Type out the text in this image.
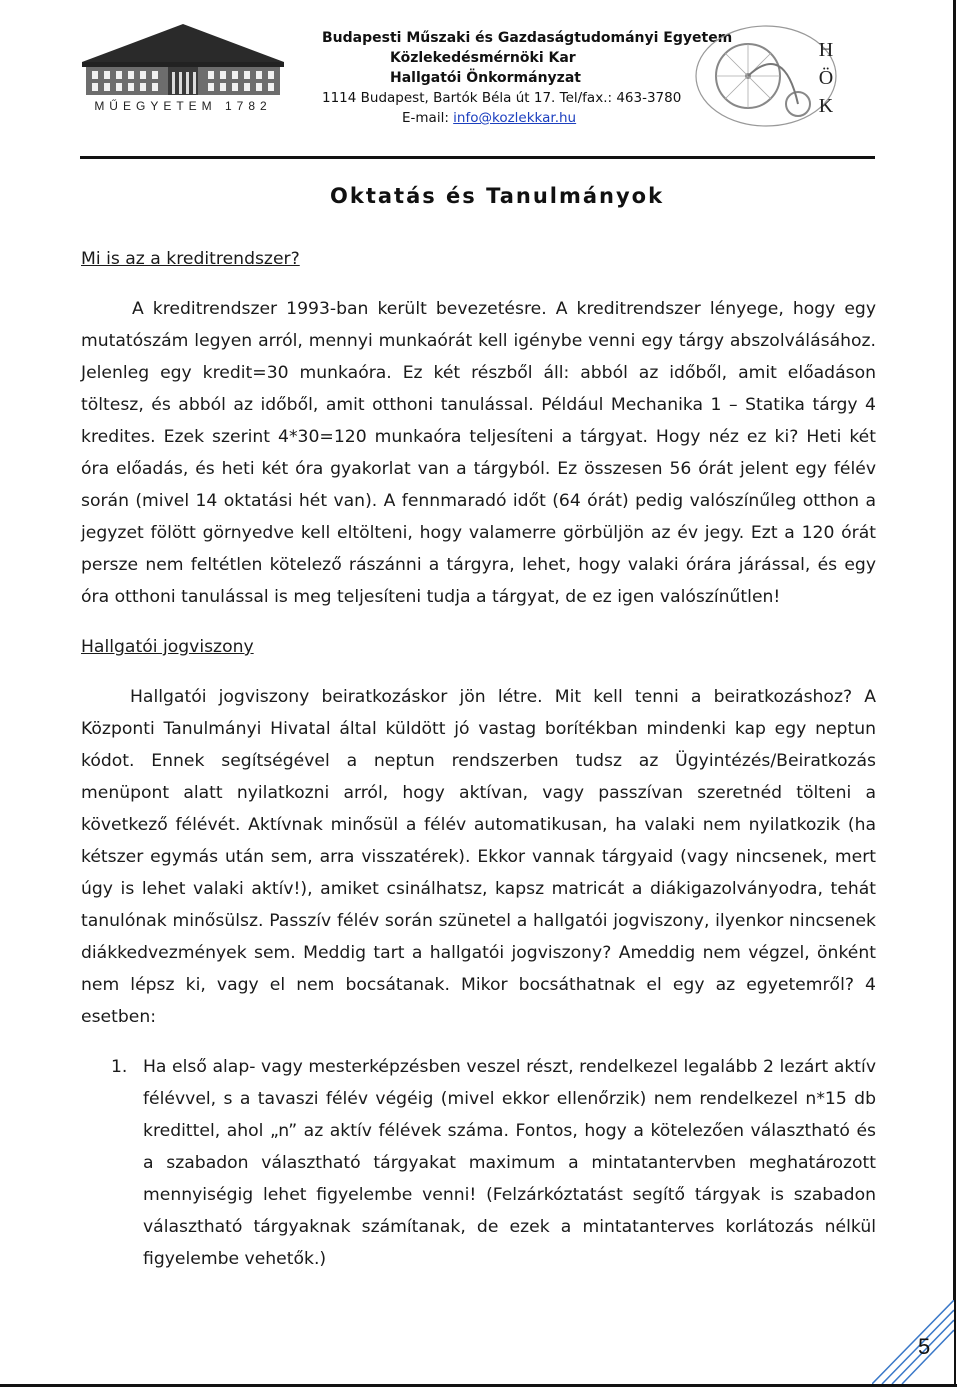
MŰEGYETEM 1782
Budapesti Műszaki és Gazdaságtudományi Egyetem
Közlekedésmérnöki Kar
Hallgatói Önkormányzat
1114 Budapest, Bartók Béla út 17. Tel/fax.: 463-3780
E-mail: info@kozlekkar.hu
H
Ö
K
Oktatás és Tanulmányok

Mi is az a kreditrendszer?

A kreditrendszer 1993-ban került bevezetésre. A kreditrendszer lényege, hogy egy mutatószám legyen arról, mennyi munkaórát kell igénybe venni egy tárgy abszolválásához. Jelenleg egy kredit=30 munkaóra. Ez két részből áll: abból az időből, amit előadáson töltesz, és abból az időből, amit otthoni tanulással. Például Mechanika 1 – Statika tárgy 4 kredites. Ezek szerint 4*30=120 munkaóra teljesíteni a tárgyat. Hogy néz ez ki? Heti két óra előadás, és heti két óra gyakorlat van a tárgyból. Ez összesen 56 órát jelent egy félév során (mivel 14 oktatási hét van). A fennmaradó időt (64 órát) pedig valószínűleg otthon a jegyzet fölött görnyedve kell eltölteni, hogy valamerre görbüljön az év jegy. Ezt a 120 órát persze nem feltétlen kötelező rászánni a tárgyra, lehet, hogy valaki órára járással, és egy óra otthoni tanulással is meg teljesíteni tudja a tárgyat, de ez igen valószínűtlen!

Hallgatói jogviszony

Hallgatói jogviszony beiratkozáskor jön létre. Mit kell tenni a beiratkozáshoz? A Központi Tanulmányi Hivatal által küldött jó vastag borítékban mindenki kap egy neptun kódot. Ennek segítségével a neptun rendszerben tudsz az Ügyintézés/Beiratkozás menüpont alatt nyilatkozni arról, hogy aktívan, vagy passzívan szeretnéd tölteni a következő félévét. Aktívnak minősül a félév automatikusan, ha valaki nem nyilatkozik (ha kétszer egymás után sem, arra visszatérek). Ekkor vannak tárgyaid (vagy nincsenek, mert úgy is lehet valaki aktív!), amiket csinálhatsz, kapsz matricát a diákigazolványodra, tehát tanulónak minősülsz. Passzív félév során szünetel a hallgatói jogviszony, ilyenkor nincsenek diákkedvezmények sem. Meddig tart a hallgatói jogviszony? Ameddig nem végzel, önként nem lépsz ki, vagy el nem bocsátanak. Mikor bocsáthatnak el egy az egyetemről? 4 esetben:

1. Ha első alap- vagy mesterképzésben veszel részt, rendelkezel legalább 2 lezárt aktív félévvel, s a tavaszi félév végéig (mivel ekkor ellenőrzik) nem rendelkezel n*15 db kredittel, ahol „n” az aktív félévek száma. Fontos, hogy a kötelezően választható és a szabadon választható tárgyakat maximum a mintatantervben meghatározott mennyiségig lehet figyelembe venni! (Felzárkóztatást segítő tárgyak is szabadon választható tárgyaknak számítanak, de ezek a mintatanterves korlátozás nélkül figyelembe vehetők.)
5
